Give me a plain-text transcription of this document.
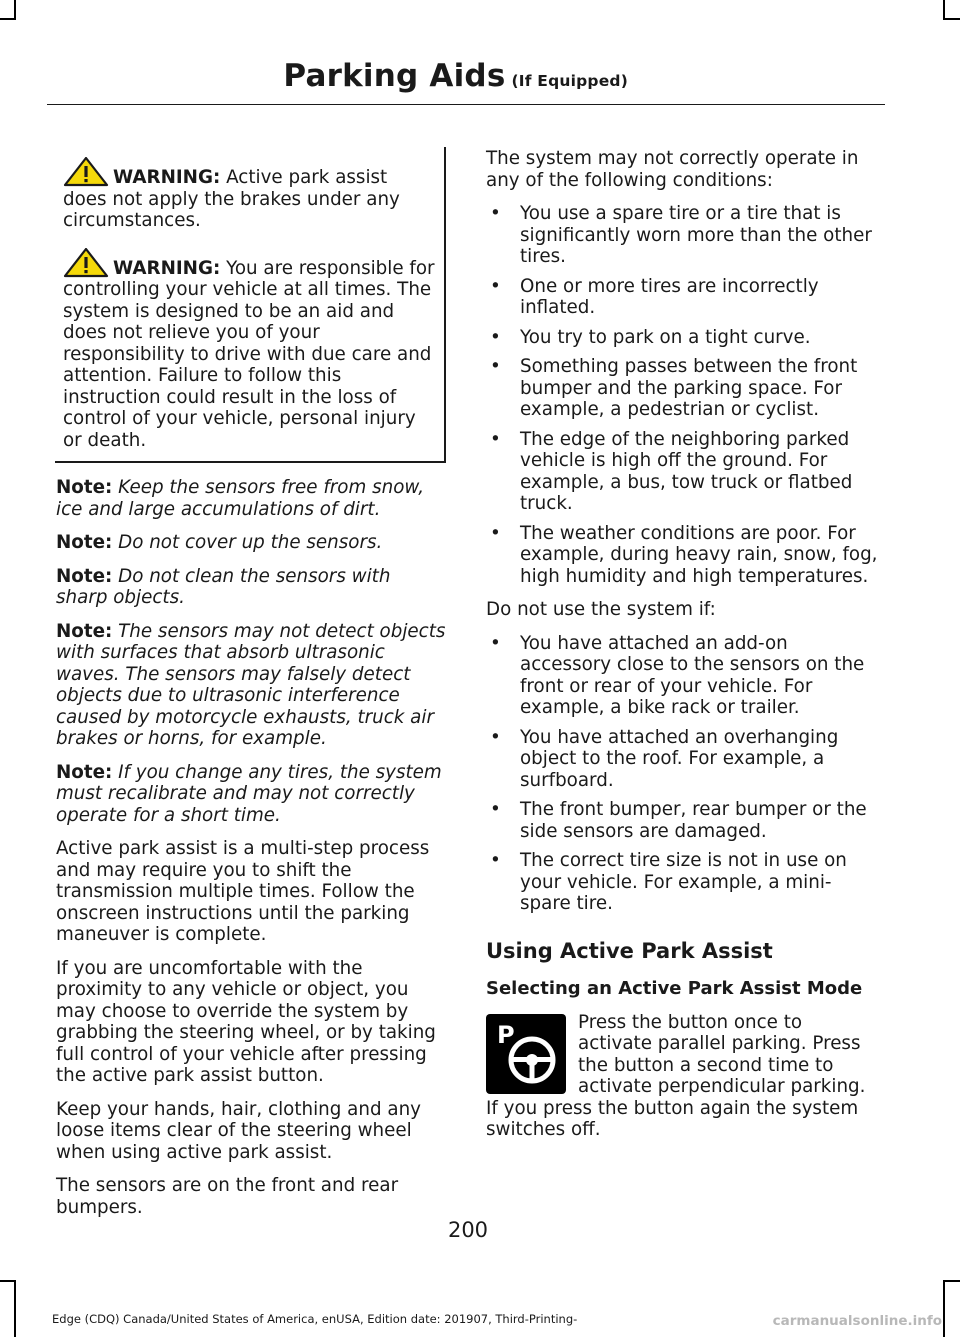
Parking Aids (If Equipped)

WARNING: Active park assist does not apply the brakes under any circumstances.

WARNING: You are responsible for controlling your vehicle at all times. The system is designed to be an aid and does not relieve you of your responsibility to drive with due care and attention. Failure to follow this instruction could result in the loss of control of your vehicle, personal injury or death.

Note: Keep the sensors free from snow, ice and large accumulations of dirt.

Note: Do not cover up the sensors.

Note: Do not clean the sensors with sharp objects.

Note: The sensors may not detect objects with surfaces that absorb ultrasonic waves. The sensors may falsely detect objects due to ultrasonic interference caused by motorcycle exhausts, truck air brakes or horns, for example.

Note: If you change any tires, the system must recalibrate and may not correctly operate for a short time.

Active park assist is a multi-step process and may require you to shift the transmission multiple times. Follow the onscreen instructions until the parking maneuver is complete.

If you are uncomfortable with the proximity to any vehicle or object, you may choose to override the system by grabbing the steering wheel, or by taking full control of your vehicle after pressing the active park assist button.

Keep your hands, hair, clothing and any loose items clear of the steering wheel when using active park assist.

The sensors are on the front and rear bumpers.

The system may not correctly operate in any of the following conditions:

• You use a spare tire or a tire that is significantly worn more than the other tires.
• One or more tires are incorrectly inflated.
• You try to park on a tight curve.
• Something passes between the front bumper and the parking space. For example, a pedestrian or cyclist.
• The edge of the neighboring parked vehicle is high off the ground. For example, a bus, tow truck or flatbed truck.
• The weather conditions are poor. For example, during heavy rain, snow, fog, high humidity and high temperatures.

Do not use the system if:

• You have attached an add-on accessory close to the sensors on the front or rear of your vehicle. For example, a bike rack or trailer.
• You have attached an overhanging object to the roof. For example, a surfboard.
• The front bumper, rear bumper or the side sensors are damaged.
• The correct tire size is not in use on your vehicle. For example, a mini-spare tire.
Using Active Park Assist
Selecting an Active Park Assist Mode
P	Press the button once to activate parallel parking. Press the button a second time to activate perpendicular parking. If you press the button again the system switches off.

200
Edge (CDQ) Canada/United States of America, enUSA, Edition date: 201907, Third-Printing-	carmanualsonline.info
